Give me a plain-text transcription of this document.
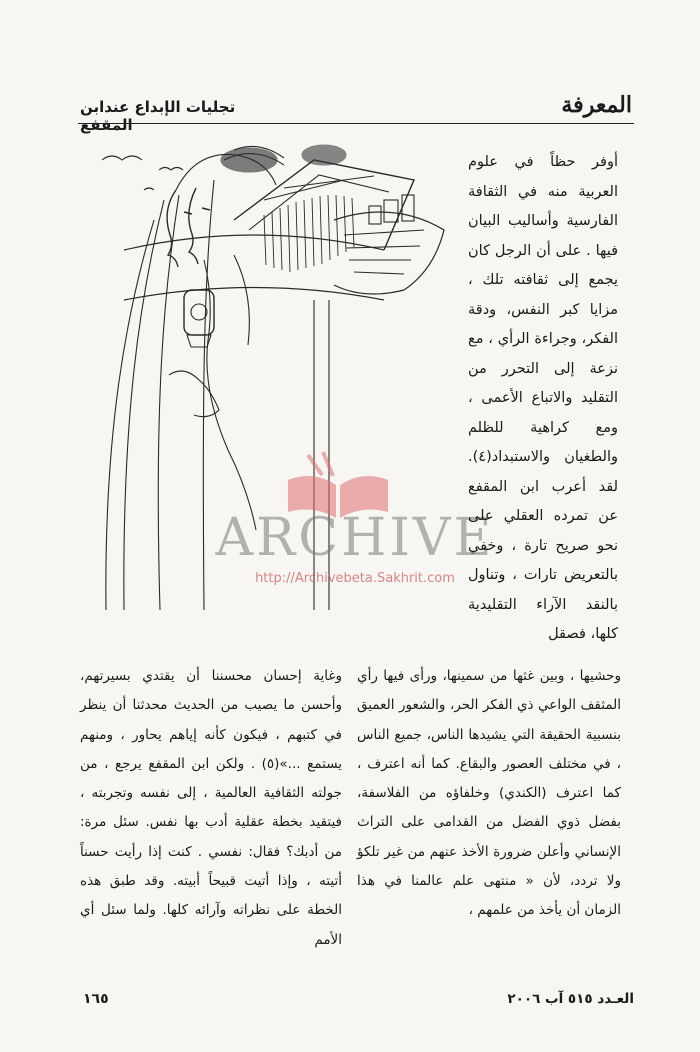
تجليات الإبداع عندابن المقفع
المعرفة
ARCHIVE
http://Archivebeta.Sakhrit.com

أوفر حظاً في علوم العربية منه في الثقافة الفارسية وأساليب البيان فيها . على أن الرجل كان يجمع إلى ثقافته تلك ، مزايا كبر النفس، ودقة الفكر، وجراءة الرأي ، مع نزعة إلى التحرر من التقليد والاتباع الأعمى ، ومع كراهية للظلم والطغيان والاستبداد(٤). لقد أعرب ابن المقفع عن تمرده العقلي على نحو صريح تارة ، وخفي بالتعريض تارات ، وتناول بالنقد الآراء التقليدية كلها، فصقل

وحشيها ، وبين غثها من سمينها، ورأى فيها رأي المثقف الواعي ذي الفكر الحر، والشعور العميق بنسبية الحقيقة التي يشيدها الناس، جميع الناس ، في مختلف العصور والبقاع. كما أنه اعترف ، كما اعترف (الكندي) وخلفاؤه من الفلاسفة، بفضل ذوي الفضل من القدامى على التراث الإنساني وأعلن ضرورة الأخذ عنهم من غير تلكؤ ولا تردد، لأن « منتهى علم عالمنا في هذا الزمان أن يأخذ من علمهم ،

وغاية إحسان محسننا أن يقتدي بسيرتهم، وأحسن ما يصيب من الحديث محدثنا أن ينظر في كتبهم ، فيكون كأنه إياهم يحاور ، ومنهم يستمع ...»(٥) . ولكن ابن المقفع يرجع ، من جولته الثقافية العالمية ، إلى نفسه وتجربته ، فيتقيد بخطة عقلية أدب بها نفس. سئل مرة: من أدبك؟ فقال: نفسي . كنت إذا رأيت حسناً أتيته ، وإذا أتيت قبيحاً أبيته. وقد طبق هذه الخطة على نظراته وآرائه كلها. ولما سئل أي الأمم

١٦٥	العـدد ٥١٥ آب ٢٠٠٦
